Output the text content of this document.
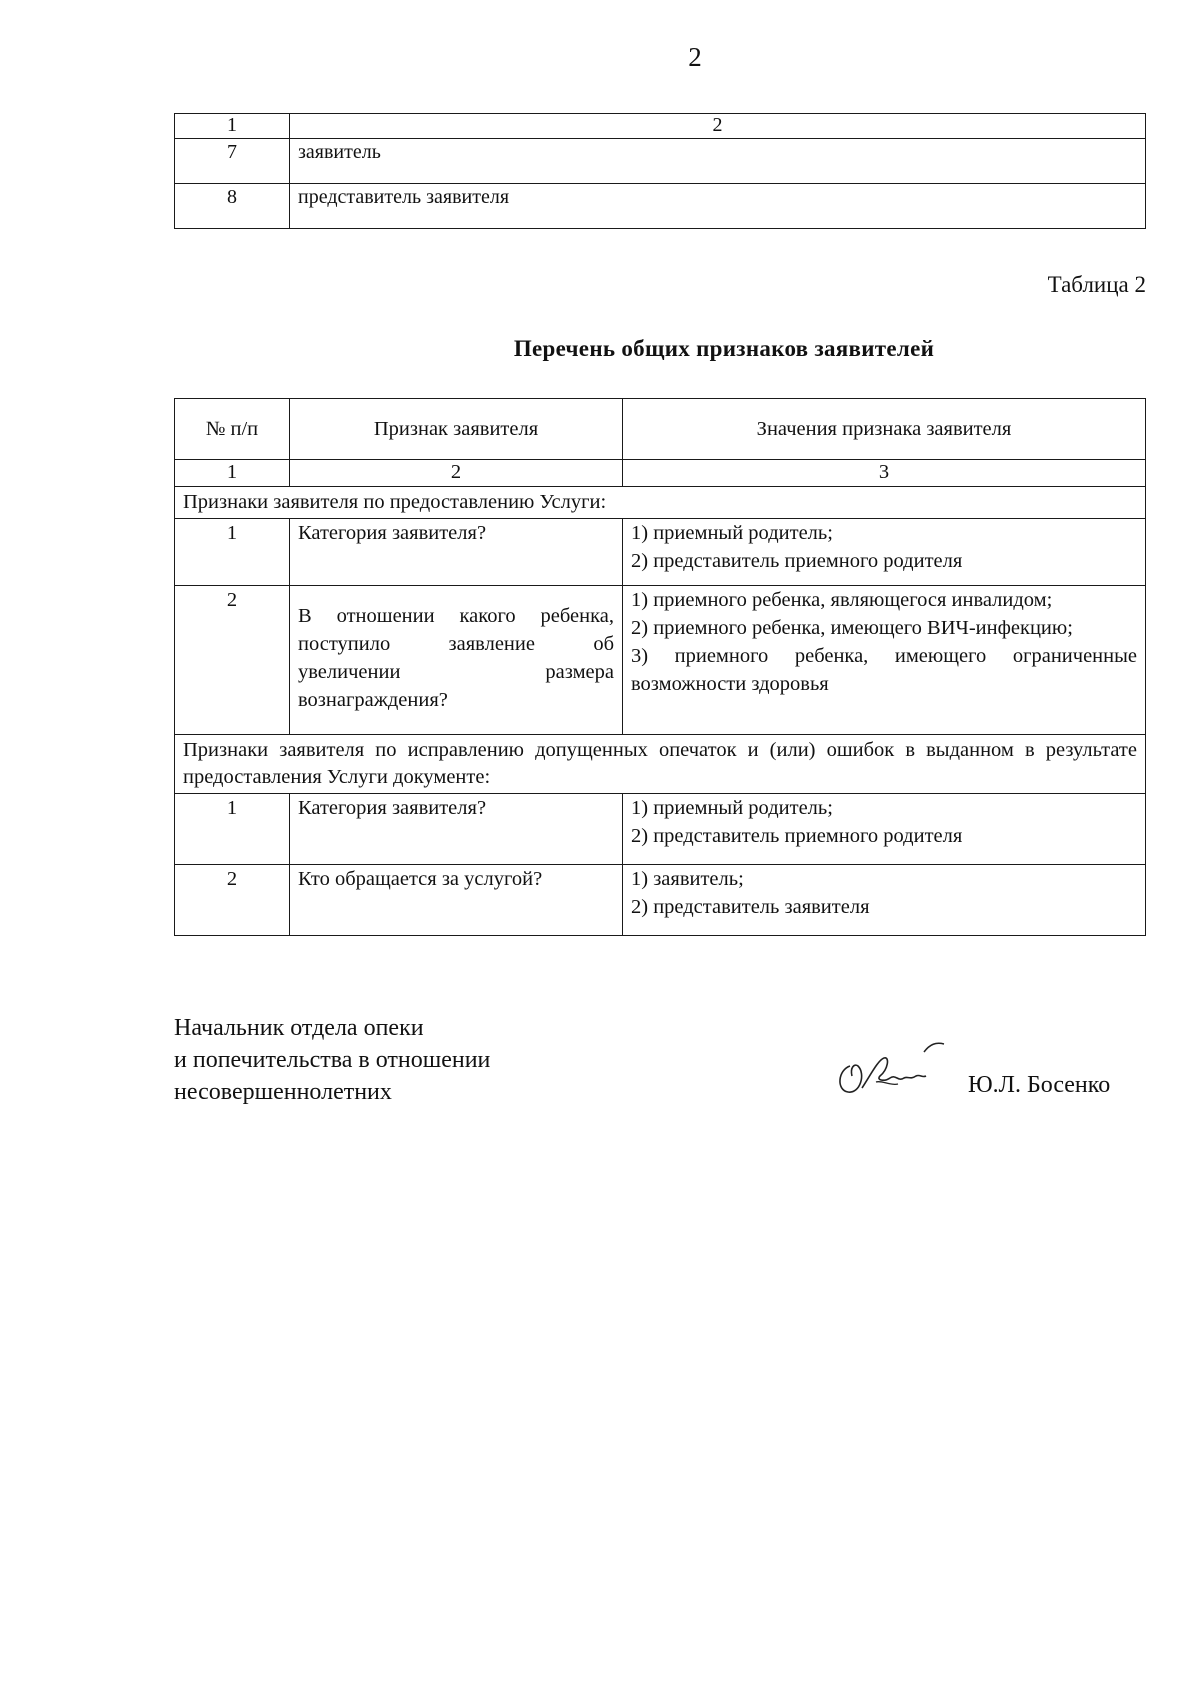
2
1	2
7	заявитель
8	представитель заявителя
Таблица 2
Перечень общих признаков заявителей
№ п/п	Признак заявителя	Значения признака заявителя
1	2	3
Признаки заявителя по предоставлению Услуги:		
1	Категория заявителя?	1) приемный родитель;
2) представитель приемного родителя

2	В отношении какого ребенка, поступило заявление об увеличении размера вознаграждения?	1) приемного ребенка, являющегося инвалидом;
2) приемного ребенка, имеющего ВИЧ-инфекцию;
3) приемного ребенка, имеющего ограниченные возможности здоровья

Признаки заявителя по исправлению допущенных опечаток и (или) ошибок в выданном в результате предоставления Услуги документе:		
1	Категория заявителя?	1) приемный родитель;
2) представитель приемного родителя

2	Кто обращается за услугой?	1) заявитель;
2) представитель заявителя
Начальник отдела опеки
и попечительства в отношении
несовершеннолетних	Ю.Л. Босенко
